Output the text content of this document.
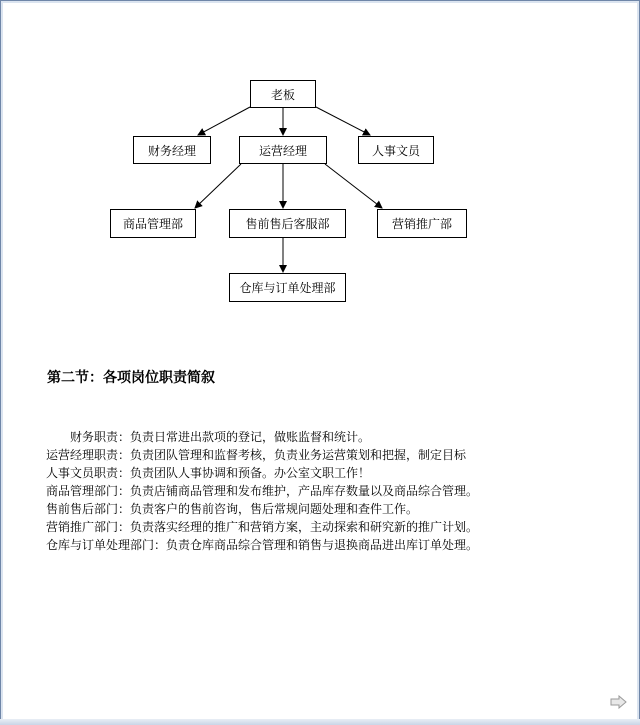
老板
财务经理	运营经理	人事文员
商品管理部	售前售后客服部	营销推广部
仓库与订单处理部
第二节：各项岗位职责简叙
财务职责：负责日常进出款项的登记，做账监督和统计。
运营经理职责：负责团队管理和监督考核，负责业务运营策划和把握，制定目标
人事文员职责：负责团队人事协调和预备。办公室文职工作！
商品管理部门：负责店铺商品管理和发布维护，产品库存数量以及商品综合管理。
售前售后部门：负责客户的售前咨询，售后常规问题处理和查件工作。
营销推广部门：负责落实经理的推广和营销方案，主动探索和研究新的推广计划。
仓库与订单处理部门：负责仓库商品综合管理和销售与退换商品进出库订单处理。
